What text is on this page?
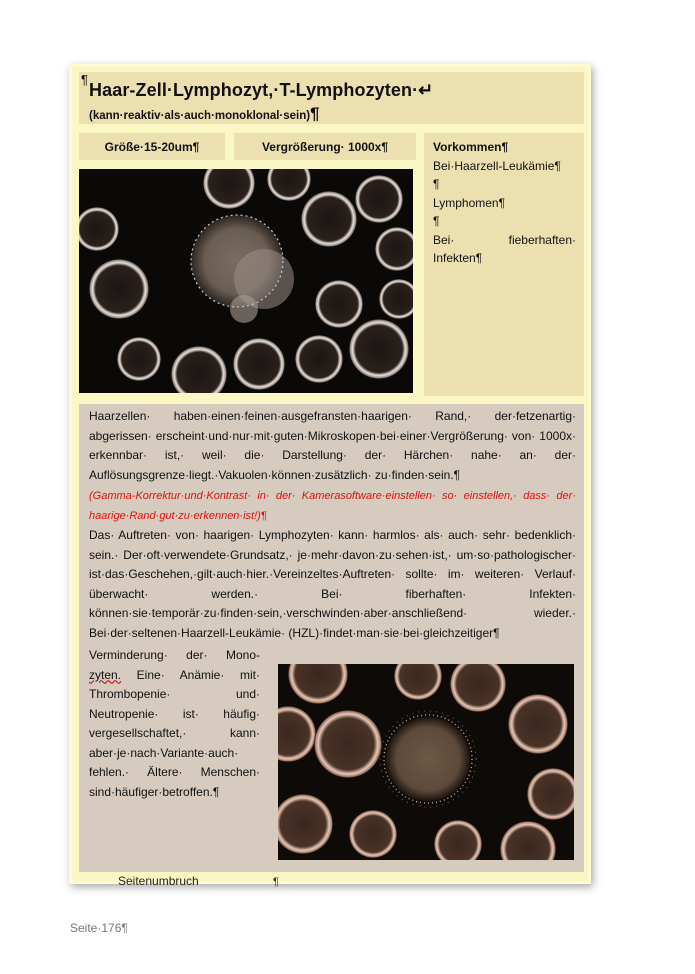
¶
Haar-Zell·Lymphozyt,·T-Lymphozyten·↵
(kann·reaktiv·als·auch·monoklonal·sein)¶
Größe·15-20um¶	Vergrößerung· 1000x¶	Vorkommen¶
Bei·Haarzell-Leukämie¶
¶
Lymphomen¶
¶
Bei·	fieberhaften·
Infekten¶
Haarzellen· haben·einen·feinen·ausgefransten·haarigen· Rand,· der·fetzenartig· abgerissen· erscheint·und·nur·mit·guten·Mikroskopen·bei·einer·Vergrößerung· von· 1000x· erkennbar· ist,· weil· die· Darstellung· der· Härchen· nahe· an· der· Auflösungsgrenze·liegt.·Vakuolen·können·zusätzlich· zu·finden·sein.¶
(Gamma-Korrektur·und·Kontrast· in· der· Kamerasoftware·einstellen· so· einstellen,· dass· der· haarige·Rand·gut·zu·erkennen·ist!)¶
Das· Auftreten· von· haarigen· Lymphozyten· kann· harmlos· als· auch· sehr· bedenklich· sein.· Der·oft·verwendete·Grundsatz,· je·mehr·davon·zu·sehen·ist,· um·so·pathologischer· ist·das·Geschehen,·gilt·auch·hier.·Vereinzeltes·Auftreten· sollte· im· weiteren· Verlauf· überwacht· werden.· Bei· fiberhaften· Infekten· können·sie·temporär·zu·finden·sein,·verschwinden·aber·anschließend· wieder.· Bei·der·seltenen·Haarzell-Leukämie· (HZL)·findet·man·sie·bei·gleichzeitiger¶
Verminderung· der· Mono- zyten. Eine· Anämie· mit· Thrombopenie· und· Neutropenie· ist· häufig· vergesellschaftet,· kann· aber·je·nach·Variante·auch· fehlen.· Ältere· Menschen· sind·häufiger·betroffen.¶
Seitenumbruch	¶
Seite·176¶
